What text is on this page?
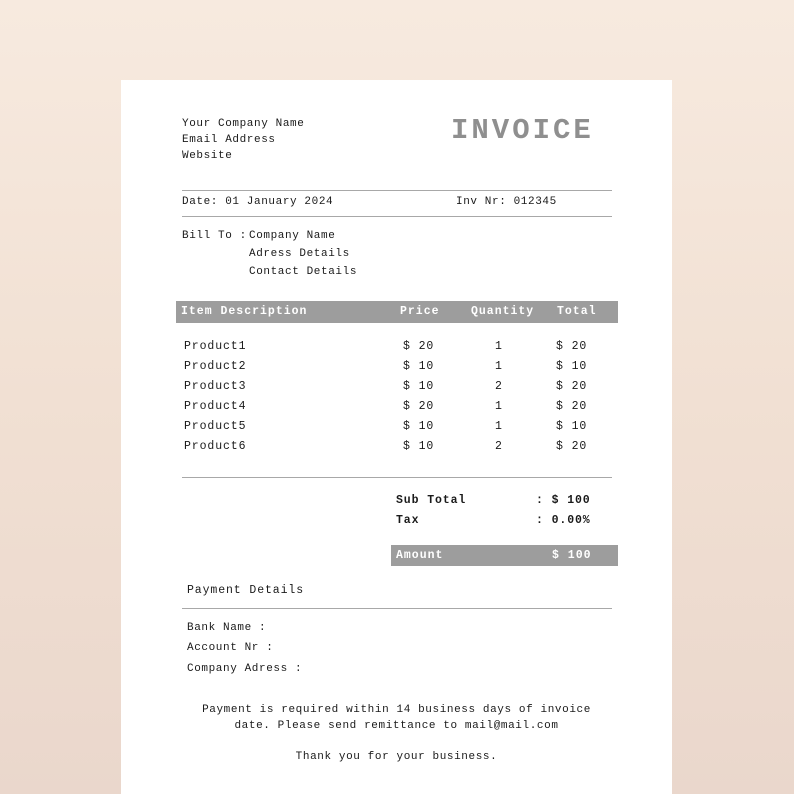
Your Company Name
Email Address
Website
INVOICE
Date: 01 January 2024	Inv Nr: 012345
Bill To : Company Name
Adress Details
Contact Details
Item Description	Price	Quantity Total
Product1	$ 20	1	$ 20
Product2	$ 10	1	$ 10
Product3	$ 10	2	$ 20
Product4	$ 20	1	$ 20
Product5	$ 10	1	$ 10
Product6	$ 10	2	$ 20
Sub Total	: $ 100
Tax	: 0.00%
Amount	$ 100
Payment Details
Bank Name :
Account Nr :
Company Adress :
Payment is required within 14 business days of invoice
date. Please send remittance to mail@mail.com
Thank you for your business.
